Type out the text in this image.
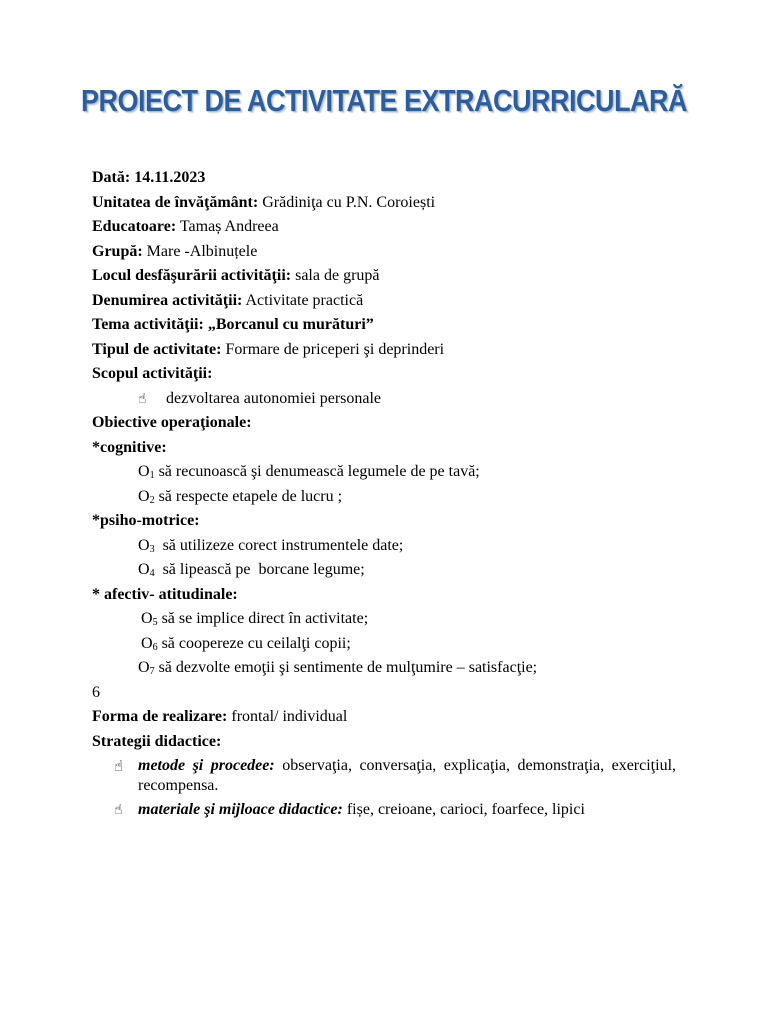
PROIECT DE ACTIVITATE EXTRACURRICULARĂ
Dată: 14.11.2023
Unitatea de învăţământ: Grădiniţa cu P.N. Coroiești
Educatoare: Tamaș Andreea
Grupă: Mare -Albinuțele
Locul desfăşurării activităţii: sala de grupă
Denumirea activităţii: Activitate practică
Tema activităţii: „Borcanul cu murături”
Tipul de activitate: Formare de priceperi şi deprinderi
Scopul activităţii:
☝ dezvoltarea autonomiei personale
Obiective operaţionale:
*cognitive:
$O_1$ să recunoască şi denumească legumele de pe tavă;
$O_2$ să respecte etapele de lucru ;
*psiho-motrice:
$O_3$  să utilizeze corect instrumentele date;
$O_4$  să lipească pe  borcane legume;
* afectiv- atitudinale:
$O_5$ să se implice direct în activitate;
$O_6$ să coopereze cu ceilalţi copii;
$O_7$ să dezvolte emoţii şi sentimente de mulţumire – satisfacţie;
6
Forma de realizare: frontal/ individual
Strategii didactice:
☝ metode şi procedee: observaţia, conversaţia, explicaţia, demonstraţia, exerciţiul, recompensa.
☝ materiale şi mijloace didactice: fișe, creioane, carioci, foarfece, lipici
